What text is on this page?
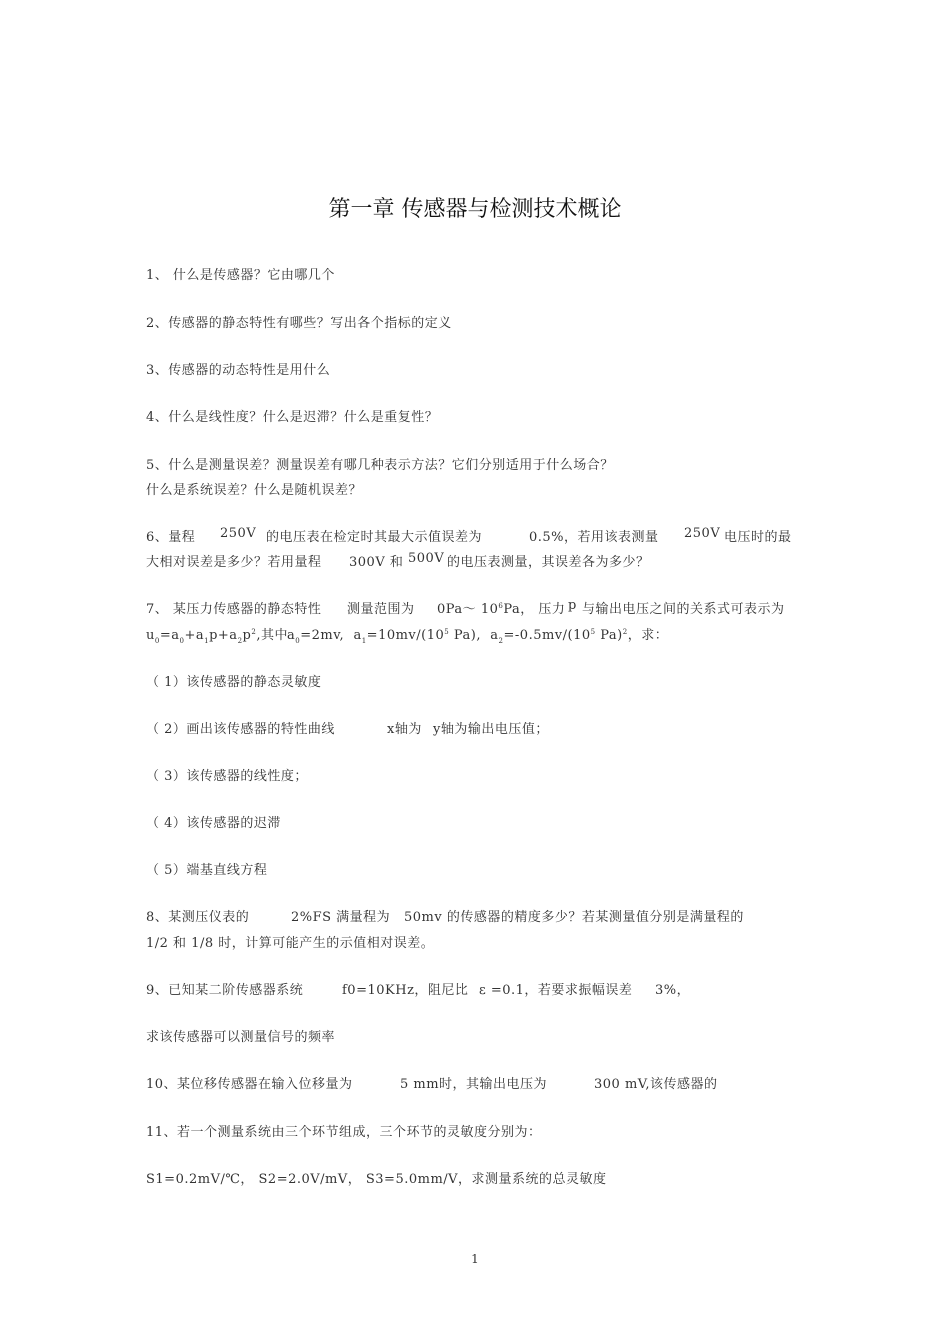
第一章 传感器与检测技术概论
1、 什么是传感器？它由哪几个
2、传感器的静态特性有哪些？写出各个指标的定义
3、传感器的动态特性是用什么
4、什么是线性度？什么是迟滞？什么是重复性？
5、什么是测量误差？测量误差有哪几种表示方法？它们分别适用于什么场合？
什么是系统误差？什么是随机误差？
6、量程 250V 的电压表在检定时其最大示值误差为	0.5%，若用该表测量 250V 电压时的最
大相对误差是多少？若用量程 300V 和 500V 的电压表测量，其误差各为多少？
7、 某压力传感器的静态特性 测量范围为 0Pa～ $10^6Pa$， 压力 p 与输出电压之间的关系式可表示为
$u_0=a_0+a_1p+a_2p^2$,其中 $a_0=2mv$, $a_1=10mv/(10^5$ Pa), $a_2=-0.5mv/(10^5$ Pa)$^2$，求：
（ 1）该传感器的静态灵敏度
（ 2）画出该传感器的特性曲线	x轴为 y轴为输出电压值；
（ 3）该传感器的线性度；
（ 4）该传感器的迟滞
（ 5）端基直线方程
8、某测压仪表的	2%FS 满量程为 50mv 的传感器的精度多少？若某测量值分别是满量程的
1/2 和 1/8 时，计算可能产生的示值相对误差。
9、已知某二阶传感器系统	f0=10KHz，阻尼比 ε =0.1，若要求振幅误差 3%，
求该传感器可以测量信号的频率
10、某位移传感器在输入位移量为	5 mm时，其输出电压为	300 mV,该传感器的
11、若一个测量系统由三个环节组成，三个环节的灵敏度分别为：
S1=0.2mV/℃， S2=2.0V/mV， S3=5.0mm/V，求测量系统的总灵敏度
1
